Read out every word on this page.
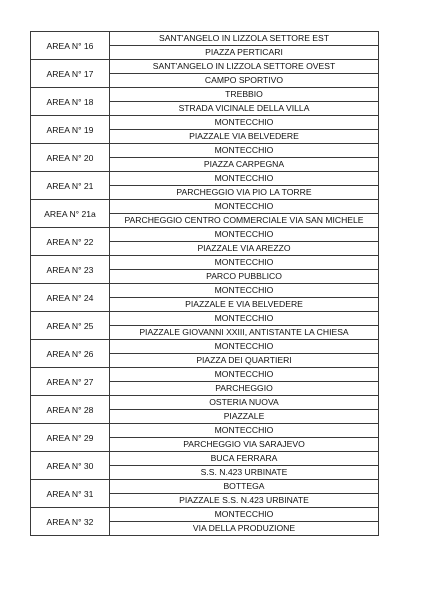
AREA N° 16	SANT'ANGELO IN LIZZOLA SETTORE EST
PIAZZA PERTICARI

AREA N° 17	SANT'ANGELO IN LIZZOLA SETTORE OVEST
CAMPO SPORTIVO

AREA N° 18	TREBBIO
STRADA VICINALE DELLA VILLA

AREA N° 19	MONTECCHIO
PIAZZALE VIA BELVEDERE

AREA N° 20	MONTECCHIO
PIAZZA CARPEGNA

AREA N° 21	MONTECCHIO
PARCHEGGIO VIA PIO LA TORRE

AREA N° 21a	MONTECCHIO
PARCHEGGIO CENTRO COMMERCIALE VIA SAN MICHELE

AREA N° 22	MONTECCHIO
PIAZZALE VIA AREZZO

AREA N° 23	MONTECCHIO
PARCO PUBBLICO

AREA N° 24	MONTECCHIO
PIAZZALE E VIA BELVEDERE

AREA N° 25	MONTECCHIO
PIAZZALE GIOVANNI XXIII, ANTISTANTE LA CHIESA

AREA N° 26	MONTECCHIO
PIAZZA DEI QUARTIERI

AREA N° 27	MONTECCHIO
PARCHEGGIO

AREA N° 28	OSTERIA NUOVA
PIAZZALE

AREA N° 29	MONTECCHIO
PARCHEGGIO VIA SARAJEVO

AREA N° 30	BUCA FERRARA
S.S. N.423 URBINATE

AREA N° 31	BOTTEGA
PIAZZALE S.S. N.423 URBINATE

AREA N° 32	MONTECCHIO
VIA DELLA PRODUZIONE
